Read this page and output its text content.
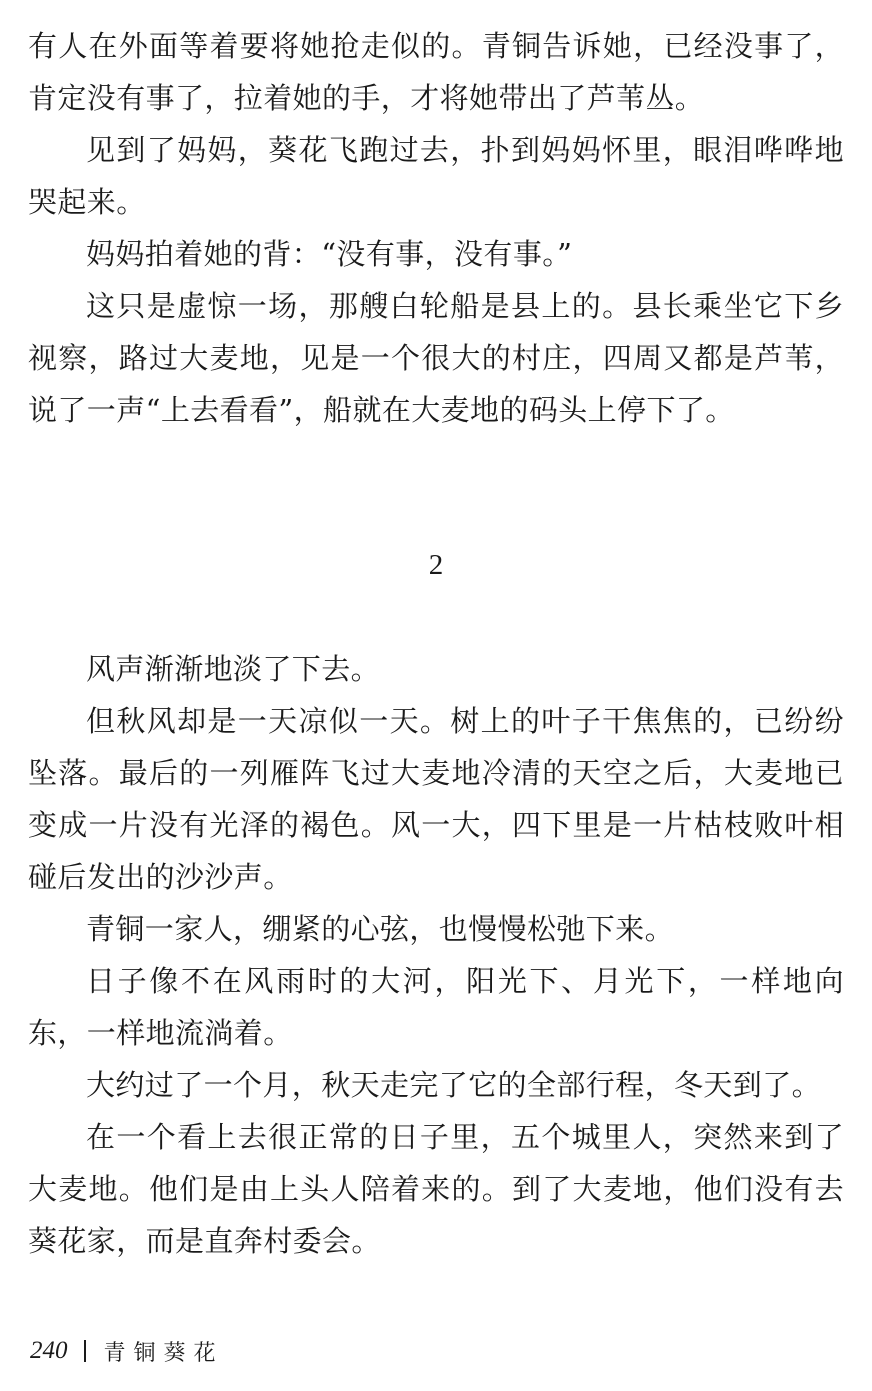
有人在外面等着要将她抢走似的。青铜告诉她，已经没事了，肯定没有事了，拉着她的手，才将她带出了芦苇丛。

见到了妈妈，葵花飞跑过去，扑到妈妈怀里，眼泪哗哗地哭起来。

妈妈拍着她的背：“没有事，没有事。”

这只是虚惊一场，那艘白轮船是县上的。县长乘坐它下乡视察，路过大麦地，见是一个很大的村庄，四周又都是芦苇，说了一声“上去看看”，船就在大麦地的码头上停下了。

2

风声渐渐地淡了下去。

但秋风却是一天凉似一天。树上的叶子干焦焦的，已纷纷坠落。最后的一列雁阵飞过大麦地冷清的天空之后，大麦地已变成一片没有光泽的褐色。风一大，四下里是一片枯枝败叶相碰后发出的沙沙声。

青铜一家人，绷紧的心弦，也慢慢松弛下来。

日子像不在风雨时的大河，阳光下、月光下，一样地向东，一样地流淌着。

大约过了一个月，秋天走完了它的全部行程，冬天到了。

在一个看上去很正常的日子里，五个城里人，突然来到了大麦地。他们是由上头人陪着来的。到了大麦地，他们没有去葵花家，而是直奔村委会。

240 青铜葵花
